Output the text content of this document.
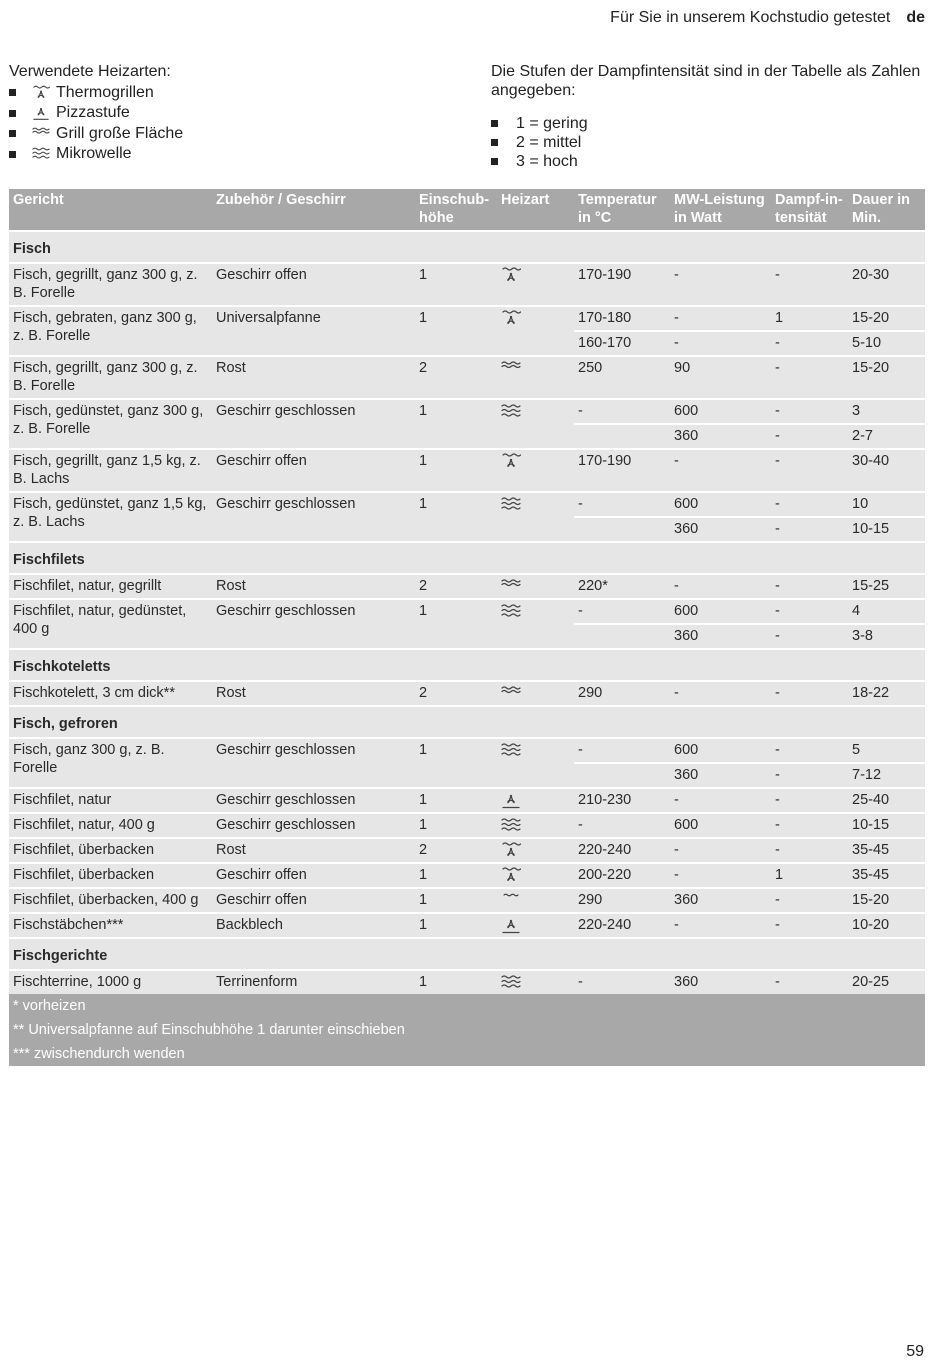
Für Sie in unserem Kochstudio getestet de
Verwendete Heizarten:
Thermogrillen
Pizzastufe
Grill große Fläche
Mikrowelle
Die Stufen der Dampfintensität sind in der Tabelle als Zahlen angegeben:
1 = gering
2 = mittel
3 = hoch
Gericht	Zubehör / Geschirr	Einschub-höhe	Heizart	Temperatur in °C	MW-Leistung in Watt	Dampf-in-tensität	Dauer in Min.
Fisch							
Fisch, gegrillt, ganz 300 g, z. B. Forelle	Geschirr offen	1		170-190	-	-	20-30
Fisch, gebraten, ganz 300 g, z. B. Forelle	Universalpfanne	1		170-180	-	1	15-20
				160-170	-	-	5-10
Fisch, gegrillt, ganz 300 g, z. B. Forelle	Rost	2		250	90	-	15-20
Fisch, gedünstet, ganz 300 g, z. B. Forelle	Geschirr geschlossen	1		-	600	-	3
					360	-	2-7
Fisch, gegrillt, ganz 1,5 kg, z. B. Lachs	Geschirr offen	1		170-190	-	-	30-40
Fisch, gedünstet, ganz 1,5 kg, z. B. Lachs	Geschirr geschlossen	1		-	600	-	10
					360	-	10-15
Fischfilets							
Fischfilet, natur, gegrillt	Rost	2		220*	-	-	15-25
Fischfilet, natur, gedünstet, 400 g	Geschirr geschlossen	1		-	600	-	4
					360	-	3-8
Fischkoteletts							
Fischkotelett, 3 cm dick**	Rost	2		290	-	-	18-22
Fisch, gefroren							
Fisch, ganz 300 g, z. B. Forelle	Geschirr geschlossen	1		-	600	-	5
					360	-	7-12
Fischfilet, natur	Geschirr geschlossen	1		210-230	-	-	25-40
Fischfilet, natur, 400 g	Geschirr geschlossen	1		-	600	-	10-15
Fischfilet, überbacken	Rost	2		220-240	-	-	35-45
Fischfilet, überbacken	Geschirr offen	1		200-220	-	1	35-45
Fischfilet, überbacken, 400 g	Geschirr offen	1		290	360	-	15-20
Fischstäbchen***	Backblech	1		220-240	-	-	10-20
Fischgerichte							
Fischterrine, 1000 g	Terrinenform	1		-	360	-	20-25
* vorheizen							
** Universalpfanne auf Einschubhöhe 1 darunter einschieben							
*** zwischendurch wenden							
59
